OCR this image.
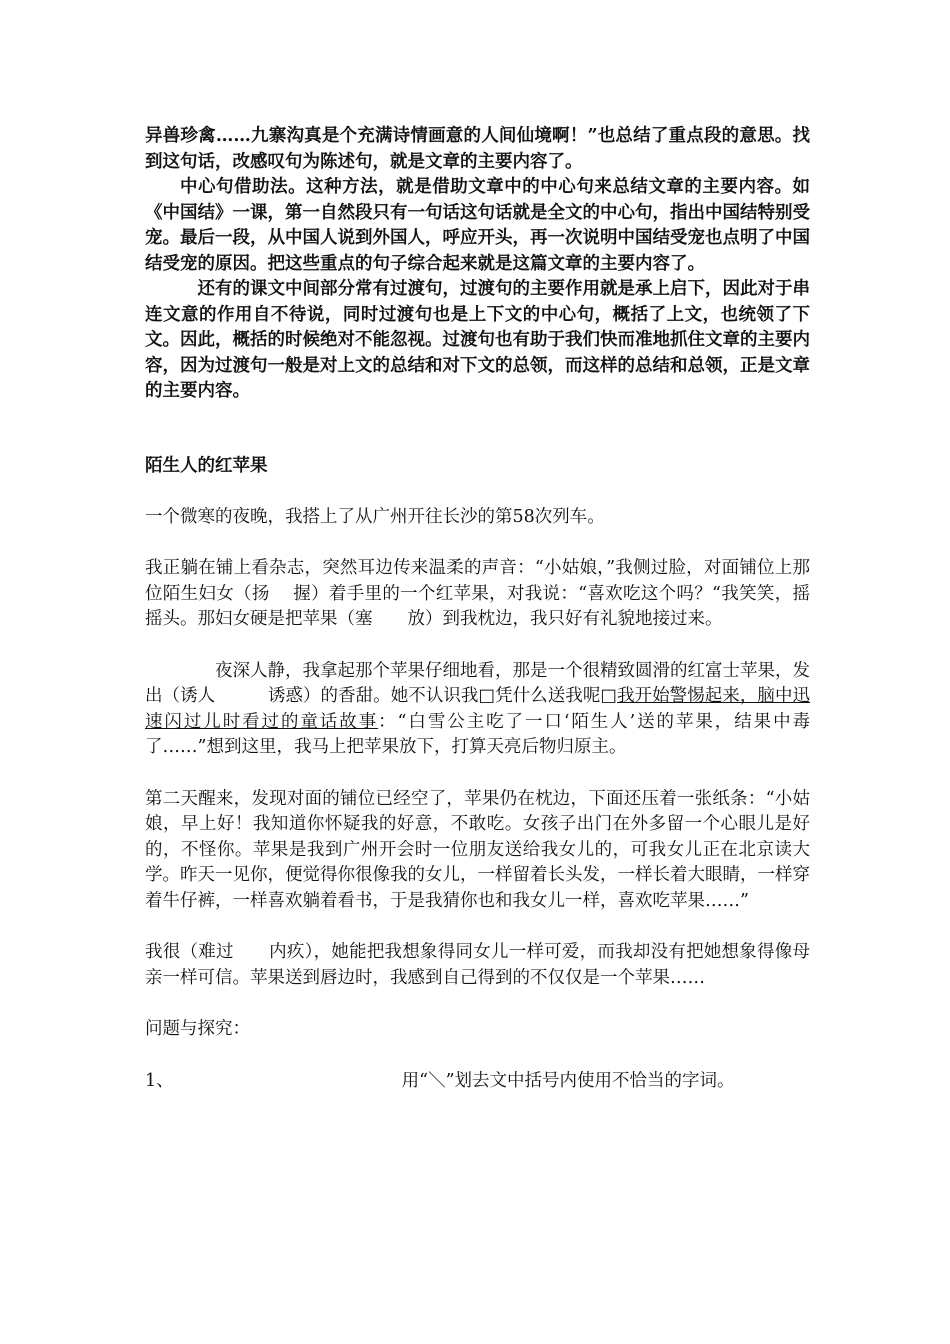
异兽珍禽……九寨沟真是个充满诗情画意的人间仙境啊！”也总结了重点段的意思。找到这句话，改感叹句为陈述句，就是文章的主要内容了。

中心句借助法。这种方法，就是借助文章中的中心句来总结文章的主要内容。如《中国结》一课，第一自然段只有一句话这句话就是全文的中心句，指出中国结特别受宠。最后一段，从中国人说到外国人，呼应开头，再一次说明中国结受宠也点明了中国结受宠的原因。把这些重点的句子综合起来就是这篇文章的主要内容了。

还有的课文中间部分常有过渡句，过渡句的主要作用就是承上启下，因此对于串连文意的作用自不待说，同时过渡句也是上下文的中心句，概括了上文，也统领了下文。因此，概括的时候绝对不能忽视。过渡句也有助于我们快而准地抓住文章的主要内容，因为过渡句一般是对上文的总结和对下文的总领，而这样的总结和总领，正是文章的主要内容。

陌生人的红苹果

一个微寒的夜晚，我搭上了从广州开往长沙的第58次列车。

我正躺在铺上看杂志，突然耳边传来温柔的声音：“小姑娘，”我侧过脸，对面铺位上那位陌生妇女（扬　 握）着手里的一个红苹果，对我说：“喜欢吃这个吗？“我笑笑，摇摇头。那妇女硬是把苹果（塞　　放）到我枕边，我只好有礼貌地接过来。

夜深人静，我拿起那个苹果仔细地看，那是一个很精致圆滑的红富士苹果，发出（诱人　　　诱惑）的香甜。她不认识我□凭什么送我呢□我开始警惕起来，脑中迅速闪过儿时看过的童话故事：“白雪公主吃了一口‘陌生人’送的苹果，结果中毒了……”想到这里，我马上把苹果放下，打算天亮后物归原主。

第二天醒来，发现对面的铺位已经空了，苹果仍在枕边，下面还压着一张纸条：“小姑娘，早上好！我知道你怀疑我的好意，不敢吃。女孩子出门在外多留一个心眼儿是好的，不怪你。苹果是我到广州开会时一位朋友送给我女儿的，可我女儿正在北京读大学。昨天一见你，便觉得你很像我的女儿，一样留着长头发，一样长着大眼睛，一样穿着牛仔裤，一样喜欢躺着看书，于是我猜你也和我女儿一样，喜欢吃苹果……”

我很（难过　　内疚），她能把我想象得同女儿一样可爱，而我却没有把她想象得像母亲一样可信。苹果送到唇边时，我感到自己得到的不仅仅是一个苹果……

问题与探究：

1、	用“＼”划去文中括号内使用不恰当的字词。
